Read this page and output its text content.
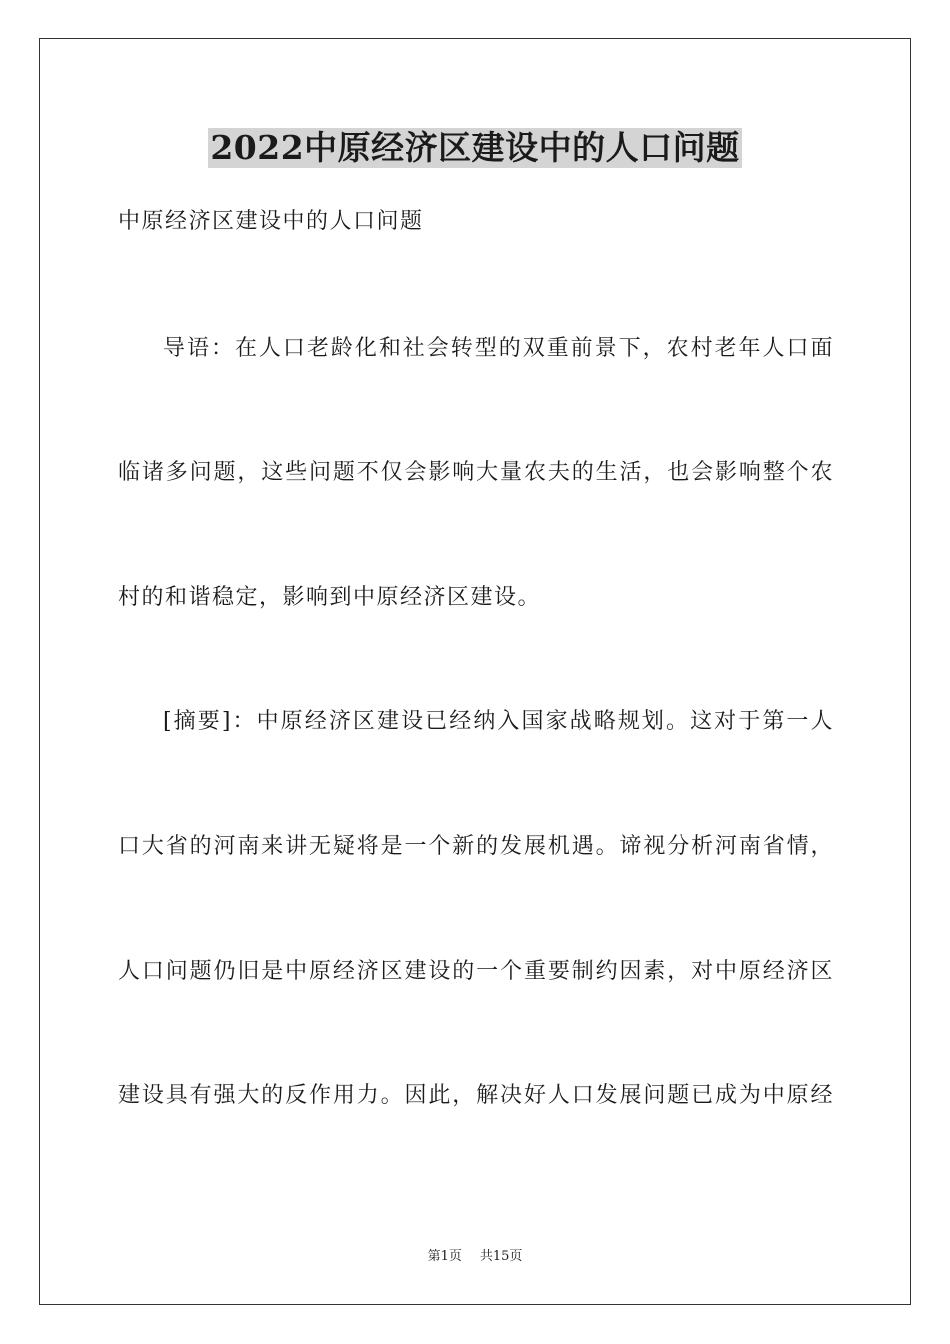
2022中原经济区建设中的人口问题
中原经济区建设中的人口问题
导语：在人口老龄化和社会转型的双重前景下，农村老年人口面
临诸多问题，这些问题不仅会影响大量农夫的生活，也会影响整个农
村的和谐稳定，影响到中原经济区建设。
[摘要]：中原经济区建设已经纳入国家战略规划。这对于第一人
口大省的河南来讲无疑将是一个新的发展机遇。谛视分析河南省情，
人口问题仍旧是中原经济区建设的一个重要制约因素，对中原经济区
建设具有强大的反作用力。因此，解决好人口发展问题已成为中原经
第1页 共15页
